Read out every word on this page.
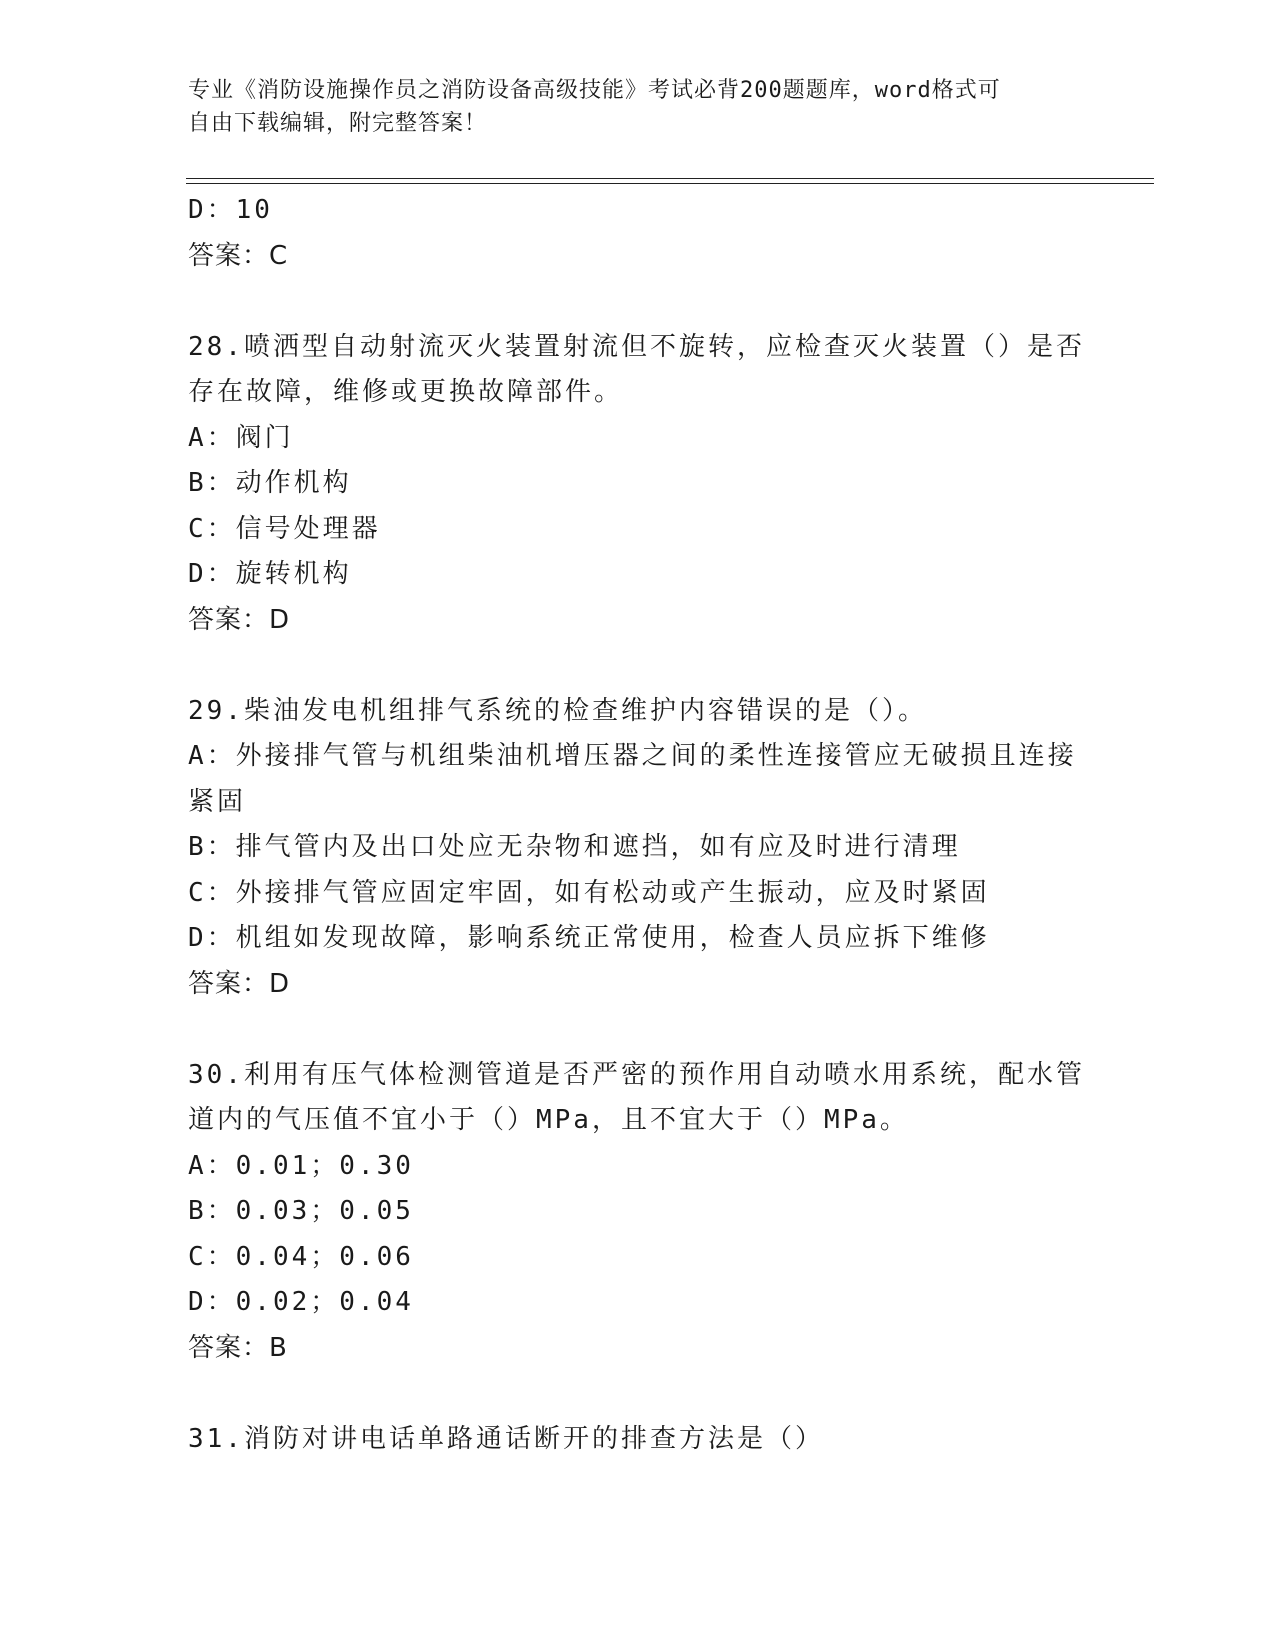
专业《消防设施操作员之消防设备高级技能》考试必背200题题库，word格式可
自由下载编辑，附完整答案！
D：10
答案：C
28.喷洒型自动射流灭火装置射流但不旋转，应检查灭火装置（）是否
存在故障，维修或更换故障部件。
A：阀门
B：动作机构
C：信号处理器
D：旋转机构
答案：D
29.柴油发电机组排气系统的检查维护内容错误的是（）。
A：外接排气管与机组柴油机增压器之间的柔性连接管应无破损且连接
紧固
B：排气管内及出口处应无杂物和遮挡，如有应及时进行清理
C：外接排气管应固定牢固，如有松动或产生振动，应及时紧固
D：机组如发现故障，影响系统正常使用，检查人员应拆下维修
答案：D
30.利用有压气体检测管道是否严密的预作用自动喷水用系统，配水管
道内的气压值不宜小于（）MPa，且不宜大于（）MPa。
A：0.01；0.30
B：0.03；0.05
C：0.04；0.06
D：0.02；0.04
答案：B
31.消防对讲电话单路通话断开的排查方法是（）
